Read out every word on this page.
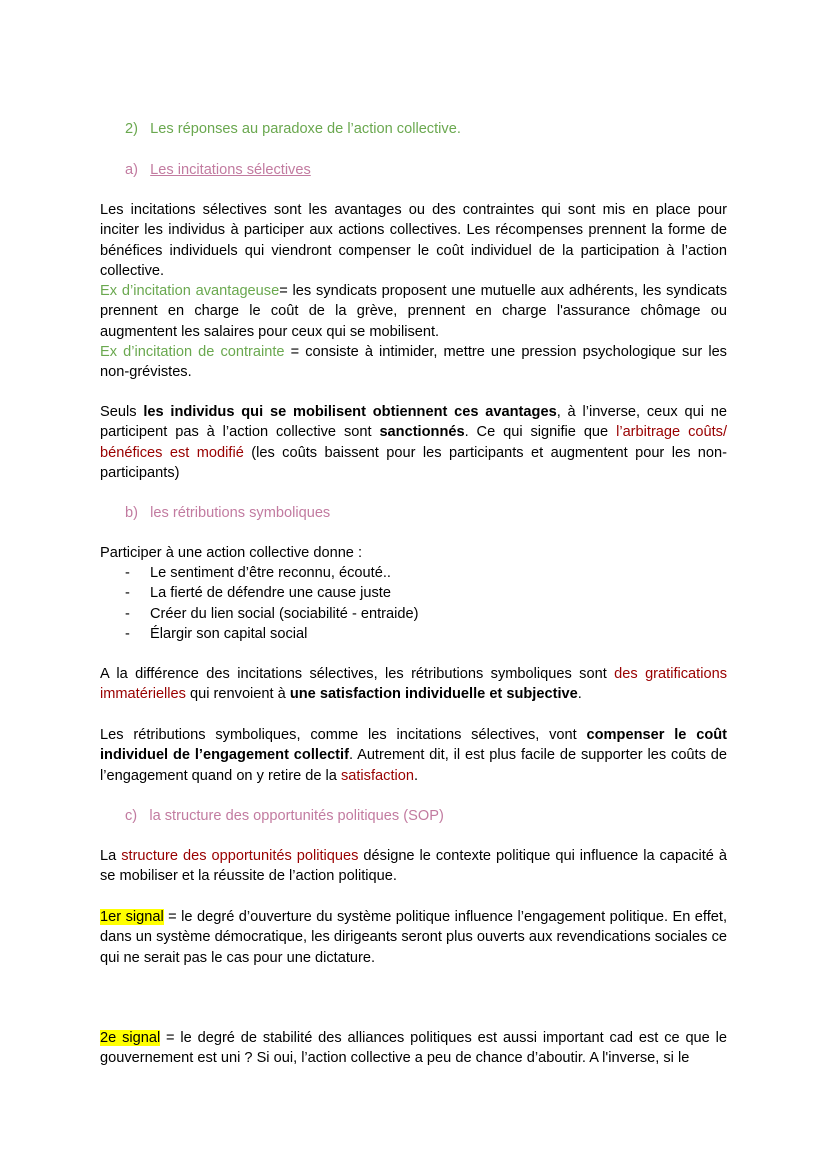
2) Les réponses au paradoxe de l’action collective.

a) Les incitations sélectives

Les incitations sélectives sont les avantages ou des contraintes qui sont mis en place pour inciter les individus à participer aux actions collectives. Les récompenses prennent la forme de bénéfices individuels qui viendront compenser le coût individuel de la participation à l’action collective.

Ex d’incitation avantageuse= les syndicats proposent une mutuelle aux adhérents, les syndicats prennent en charge le coût de la grève, prennent en charge l'assurance chômage ou augmentent les salaires pour ceux qui se mobilisent.

Ex d’incitation de contrainte = consiste à intimider, mettre une pression psychologique sur les non-grévistes.

Seuls les individus qui se mobilisent obtiennent ces avantages, à l’inverse, ceux qui ne participent pas à l’action collective sont sanctionnés. Ce qui signifie que l’arbitrage coûts/ bénéfices est modifié (les coûts baissent pour les participants et augmentent pour les non-participants)

b) les rétributions symboliques

Participer à une action collective donne :

- Le sentiment d’être reconnu, écouté..
- La fierté de défendre une cause juste
- Créer du lien social (sociabilité - entraide)
- Élargir son capital social

A la différence des incitations sélectives, les rétributions symboliques sont des gratifications immatérielles qui renvoient à une satisfaction individuelle et subjective.

Les rétributions symboliques, comme les incitations sélectives, vont compenser le coût individuel de l’engagement collectif. Autrement dit, il est plus facile de supporter les coûts de l’engagement quand on y retire de la satisfaction.

c) la structure des opportunités politiques (SOP)

La structure des opportunités politiques désigne le contexte politique qui influence la capacité à se mobiliser et la réussite de l’action politique.

1er signal = le degré d’ouverture du système politique influence l’engagement politique. En effet, dans un système démocratique, les dirigeants seront plus ouverts aux revendications sociales ce qui ne serait pas le cas pour une dictature.

2e signal = le degré de stabilité des alliances politiques est aussi important cad est ce que le gouvernement est uni ? Si oui, l’action collective a peu de chance d’aboutir. A l'inverse, si le
